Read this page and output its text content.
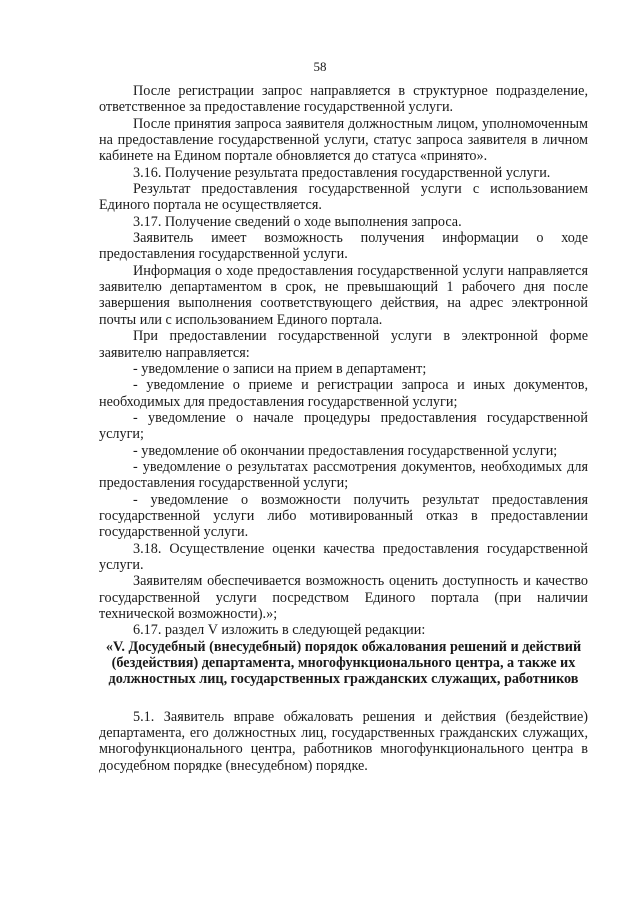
58

После регистрации запрос направляется в структурное подразделение, ответственное за предоставление государственной услуги.

После принятия запроса заявителя должностным лицом, уполномоченным на предоставление государственной услуги, статус запроса заявителя в личном кабинете на Едином портале обновляется до статуса «принято».

3.16. Получение результата предоставления государственной услуги.

Результат предоставления государственной услуги с использованием Единого портала не осуществляется.

3.17. Получение сведений о ходе выполнения запроса.

Заявитель имеет возможность получения информации о ходе предоставления государственной услуги.

Информация о ходе предоставления государственной услуги направляется заявителю департаментом в срок, не превышающий 1 рабочего дня после завершения выполнения соответствующего действия, на адрес электронной почты или с использованием Единого портала.

При предоставлении государственной услуги в электронной форме заявителю направляется:

- уведомление о записи на прием в департамент;

- уведомление о приеме и регистрации запроса и иных документов, необходимых для предоставления государственной услуги;

- уведомление о начале процедуры предоставления государственной услуги;

- уведомление об окончании предоставления государственной услуги;

- уведомление о результатах рассмотрения документов, необходимых для предоставления государственной услуги;

- уведомление о возможности получить результат предоставления государственной услуги либо мотивированный отказ в предоставлении государственной услуги.

3.18. Осуществление оценки качества предоставления государственной услуги.

Заявителям обеспечивается возможность оценить доступность и качество государственной услуги посредством Единого портала (при наличии технической возможности).»;

6.17. раздел V изложить в следующей редакции:

«V. Досудебный (внесудебный) порядок обжалования решений и действий (бездействия) департамента, многофункционального центра, а также их должностных лиц, государственных гражданских служащих, работников

5.1. Заявитель вправе обжаловать решения и действия (бездействие) департамента, его должностных лиц, государственных гражданских служащих, многофункционального центра, работников многофункционального центра в досудебном порядке (внесудебном) порядке.
